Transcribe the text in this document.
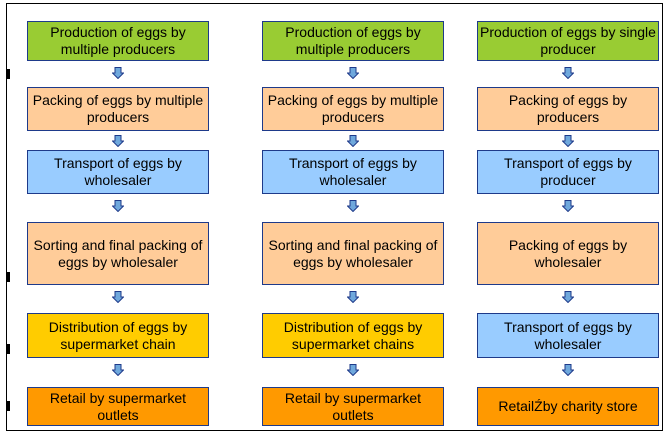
Production of eggs by multiple producers
Packing of eggs by multiple producers
Transport of eggs by wholesaler
Sorting and final packing of eggs by wholesaler
Distribution of eggs by supermarket chain
Retail by supermarket outlets
Production of eggs by multiple producers
Packing of eggs by multiple producers
Transport of eggs by wholesaler
Sorting and final packing of eggs by wholesaler
Distribution of eggs by supermarket chains
Retail by supermarket outlets
Production of eggs by single producer
Packing of eggs by producers
Transport of eggs by producer
Packing of eggs by wholesaler
Transport of eggs by wholesaler
RetailŹby charity store
